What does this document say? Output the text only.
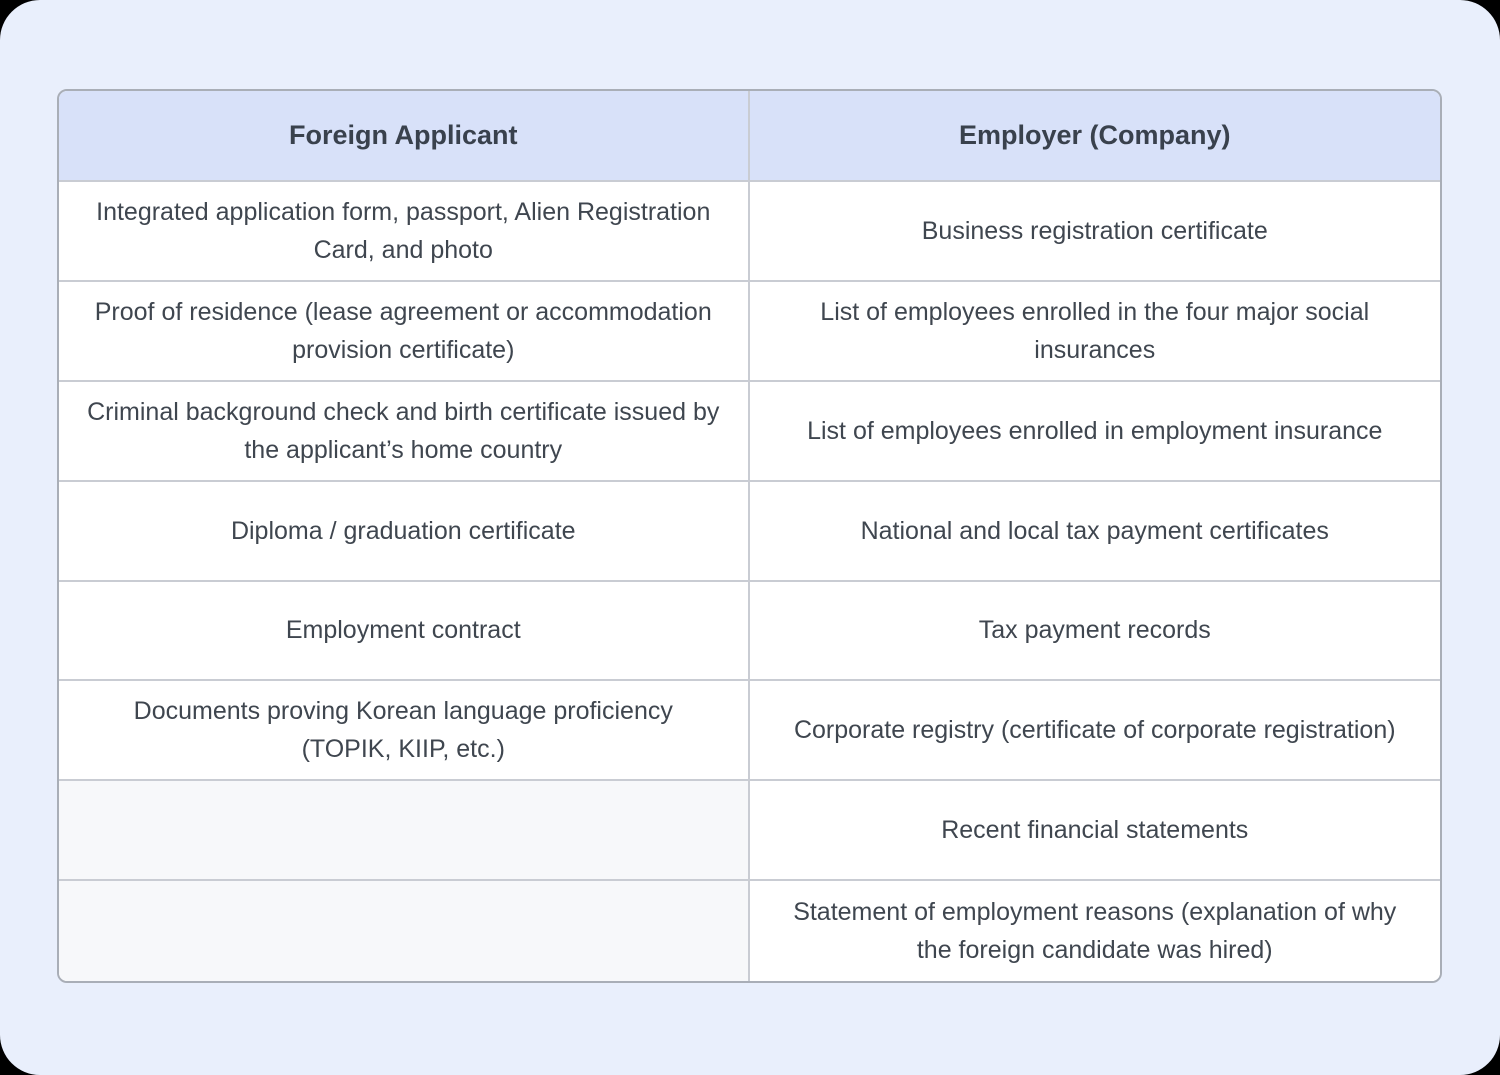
Foreign Applicant	Employer (Company)
Integrated application form, passport, Alien Registration Card, and photo	Business registration certificate
Proof of residence (lease agreement or accommodation provision certificate)	List of employees enrolled in the four major social insurances
Criminal background check and birth certificate issued by the applicant’s home country	List of employees enrolled in employment insurance
Diploma / graduation certificate	National and local tax payment certificates
Employment contract	Tax payment records
Documents proving Korean language proficiency (TOPIK, KIIP, etc.)	Corporate registry (certificate of corporate registration)
	Recent financial statements
	Statement of employment reasons (explanation of why the foreign candidate was hired)
